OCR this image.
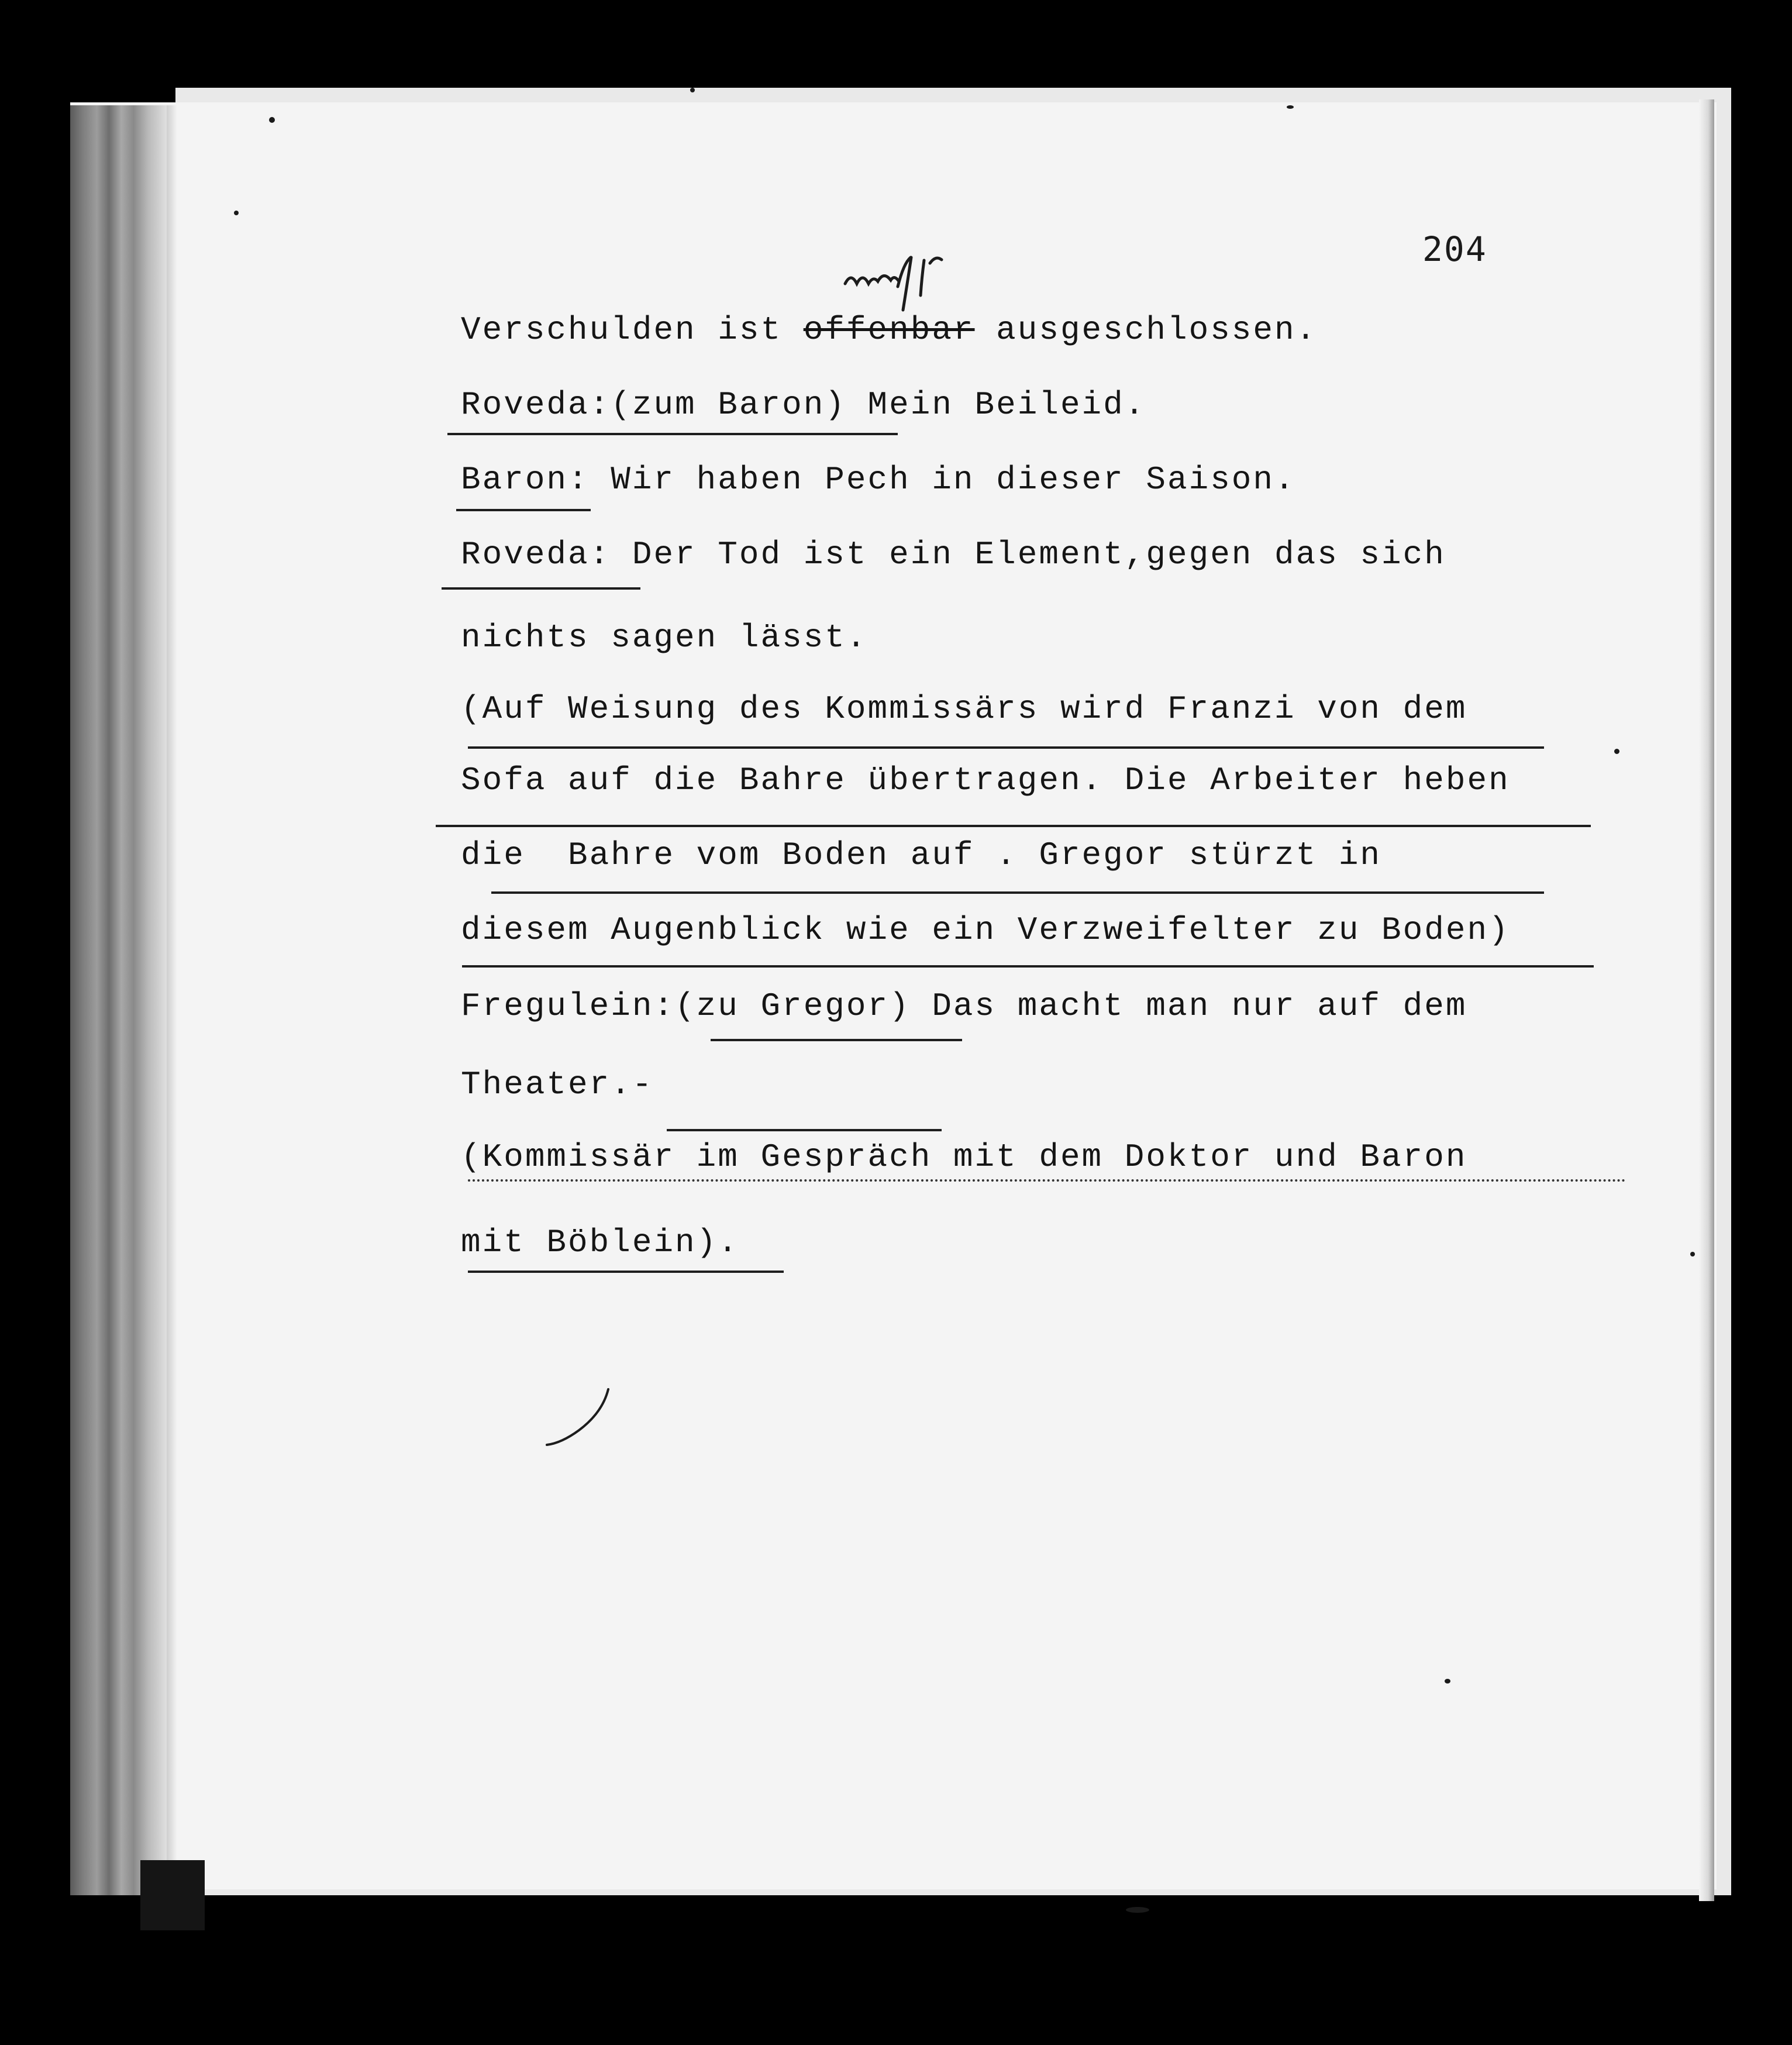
204
Verschulden ist offenbar ausgeschlossen.
Roveda:(zum Baron) Mein Beileid.
Baron: Wir haben Pech in dieser Saison.
Roveda: Der Tod ist ein Element,gegen das sich
nichts sagen lässt.
(Auf Weisung des Kommissärs wird Franzi von dem
Sofa auf die Bahre übertragen. Die Arbeiter heben
die  Bahre vom Boden auf . Gregor stürzt in
diesem Augenblick wie ein Verzweifelter zu Boden)
Fregulein:(zu Gregor) Das macht man nur auf dem
Theater.-
(Kommissär im Gespräch mit dem Doktor und Baron
mit Böblein).
